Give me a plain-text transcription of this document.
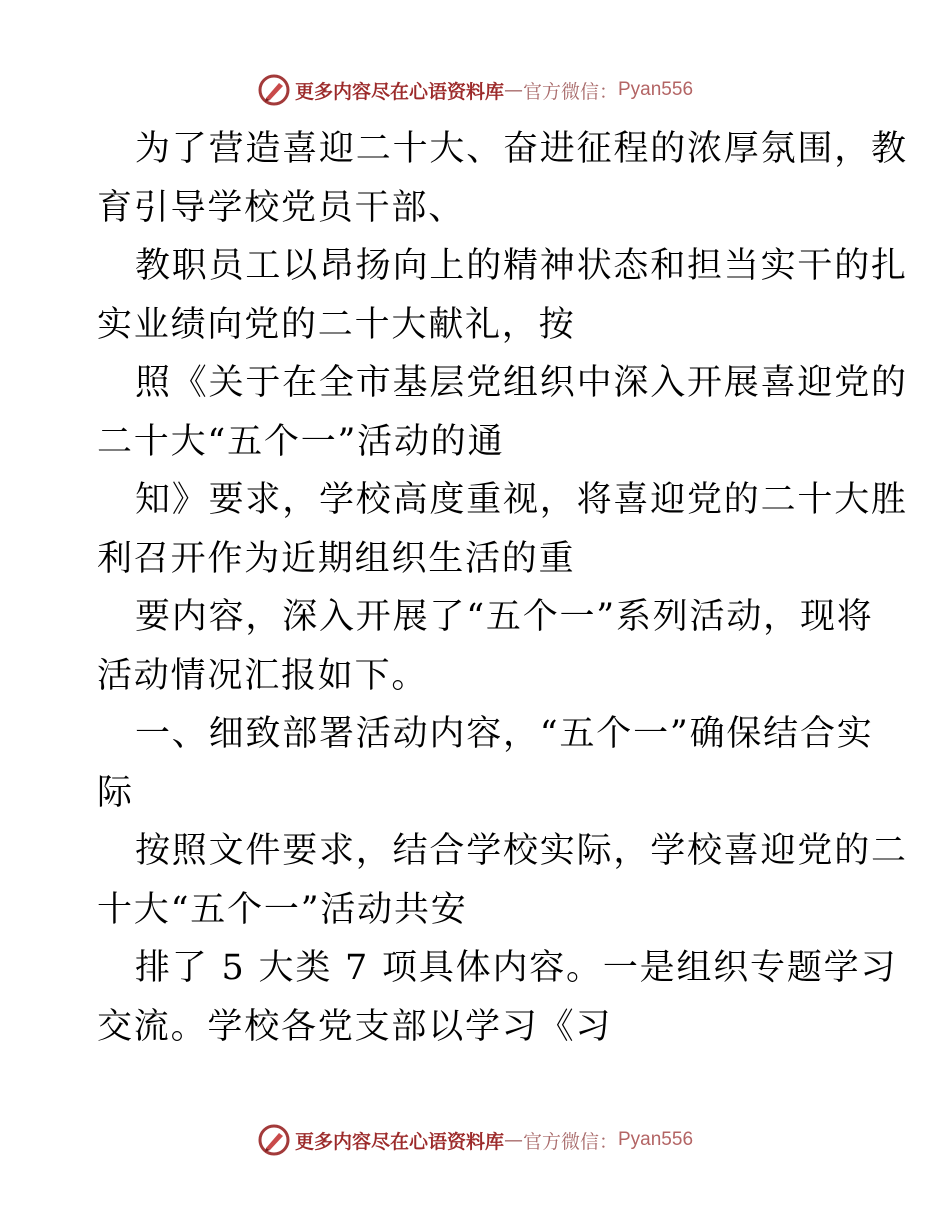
更多内容尽在心语资料库 — 官方微信： Pyan556

为了营造喜迎二十大、奋进征程的浓厚氛围，教
育引导学校党员干部、

教职员工以昂扬向上的精神状态和担当实干的扎
实业绩向党的二十大献礼，按

照《关于在全市基层党组织中深入开展喜迎党的
二十大“五个一”活动的通

知》要求，学校高度重视，将喜迎党的二十大胜
利召开作为近期组织生活的重

要内容，深入开展了“五个一”系列活动，现将
活动情况汇报如下。

一、细致部署活动内容，“五个一”确保结合实
际

按照文件要求，结合学校实际，学校喜迎党的二
十大“五个一”活动共安

排了 5 大类 7 项具体内容。一是组织专题学习
交流。学校各党支部以学习《习

更多内容尽在心语资料库 — 官方微信： Pyan556
